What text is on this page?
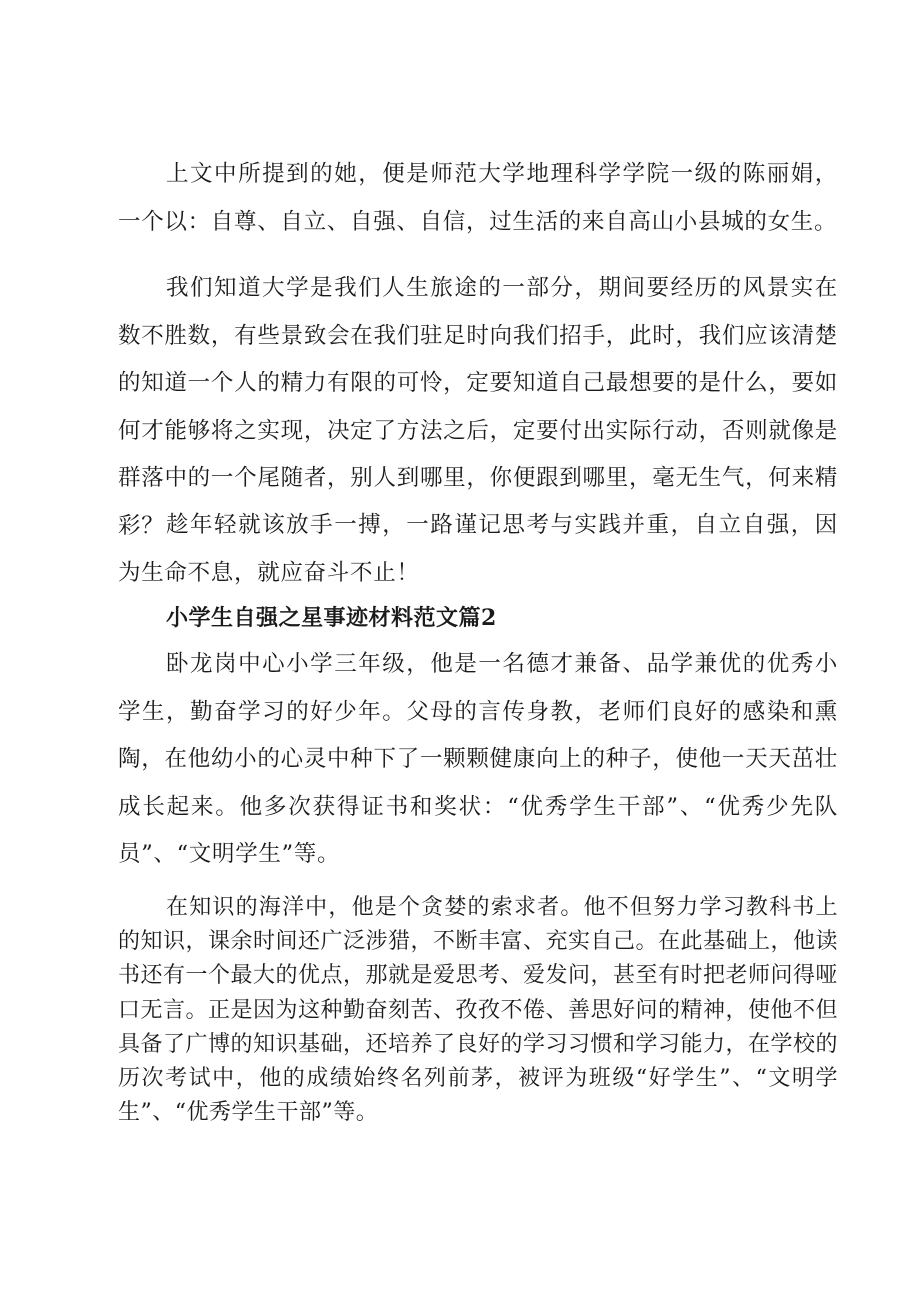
上文中所提到的她，便是师范大学地理科学学院一级的陈丽娟，一个以：自尊、自立、自强、自信，过生活的来自高山小县城的女生。

我们知道大学是我们人生旅途的一部分，期间要经历的风景实在数不胜数，有些景致会在我们驻足时向我们招手，此时，我们应该清楚的知道一个人的精力有限的可怜，定要知道自己最想要的是什么，要如何才能够将之实现，决定了方法之后，定要付出实际行动，否则就像是群落中的一个尾随者，别人到哪里，你便跟到哪里，毫无生气，何来精彩？ 趁年轻就该放手一搏，一路谨记思考与实践并重，自立自强，因为生命不息，就应奋斗不止！

小学生自强之星事迹材料范文篇2

卧龙岗中心小学三年级，他是一名德才兼备、品学兼优的优秀小学生，勤奋学习的好少年。父母的言传身教，老师们良好的感染和熏陶，在他幼小的心灵中种下了一颗颗健康向上的种子，使他一天天茁壮成长起来。他多次获得证书和奖状：“优秀学生干部”、“优秀少先队员”、“文明学生”等。

在知识的海洋中，他是个贪婪的索求者。他不但努力学习教科书上的知识，课余时间还广泛涉猎，不断丰富、充实自己。在此基础上，他读书还有一个最大的优点，那就是爱思考、爱发问，甚至有时把老师问得哑口无言。正是因为这种勤奋刻苦、孜孜不倦、善思好问的精神，使他不但具备了广博的知识基础，还培养了良好的学习习惯和学习能力，在学校的历次考试中，他的成绩始终名列前茅，被评为班级“好学生”、“文明学生”、“优秀学生干部”等。
